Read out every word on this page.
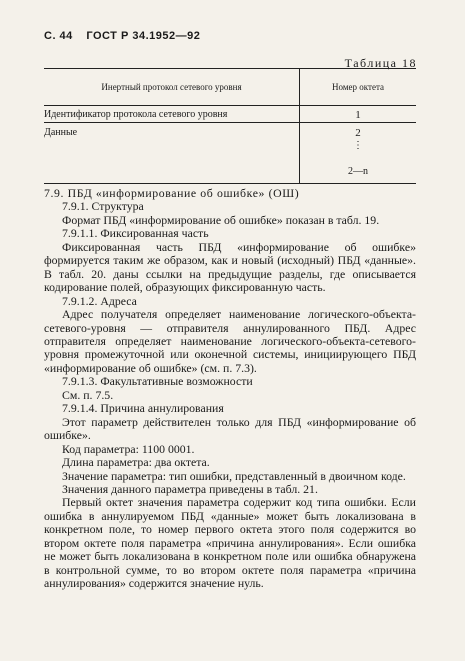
С. 44 ГОСТ Р 34.1952—92
Таблица 18
Инертный протокол сетевого уровня	Номер октета
Идентификатор протокола сетевого уровня	1
Данные	2
⋮
2—n

7.9. ПБД «информирование об ошибке» (ОШ)

7.9.1. Структура

Формат ПБД «информирование об ошибке» показан в табл. 19.

7.9.1.1. Фиксированная часть

Фиксированная часть ПБД «информирование об ошибке» формируется таким же образом, как и новый (исходный) ПБД «данные». В табл. 20. даны ссылки на предыдущие разделы, где описывается кодирование полей, образующих фиксированную часть.

7.9.1.2. Адреса

Адрес получателя определяет наименование логического-объекта-сетевого-уровня — отправителя аннулированного ПБД. Адрес отправителя определяет наименование логического-объекта-сетевого-уровня промежуточной или оконечной системы, инициирующего ПБД «информирование об ошибке» (см. п. 7.3).

7.9.1.3. Факультативные возможности

См. п. 7.5.

7.9.1.4. Причина аннулирования

Этот параметр действителен только для ПБД «информирование об ошибке».

Код параметра: 1100 0001.

Длина параметра: два октета.

Значение параметра: тип ошибки, представленный в двоичном коде.

Значения данного параметра приведены в табл. 21.

Первый октет значения параметра содержит код типа ошибки. Если ошибка в аннулируемом ПБД «данные» может быть локализована в конкретном поле, то номер первого октета этого поля содержится во втором октете поля параметра «причина аннулирования». Если ошибка не может быть локализована в конкретном поле или ошибка обнаружена в контрольной сумме, то во втором октете поля параметра «причина аннулирования» содержится значение нуль.
